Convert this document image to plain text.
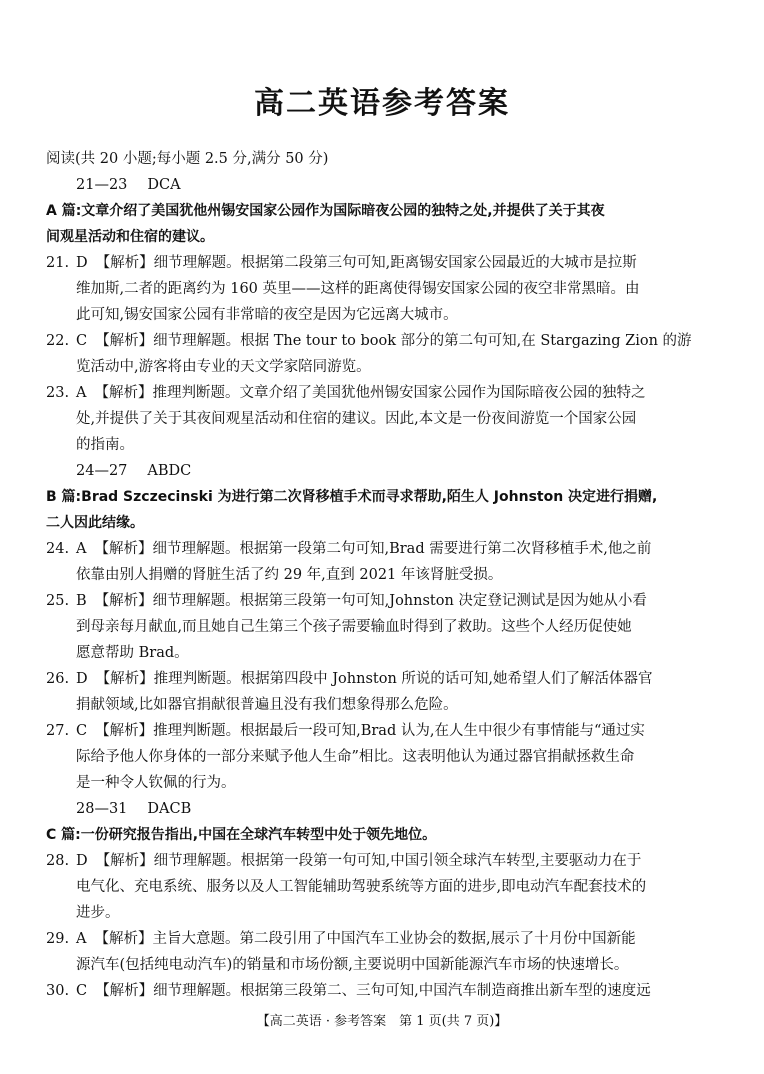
高二英语参考答案
阅读(共 20 小题;每小题 2.5 分,满分 50 分)
21—23 DCA
A 篇:文章介绍了美国犹他州锡安国家公园作为国际暗夜公园的独特之处,并提供了关于其夜
间观星活动和住宿的建议。
21. D 【解析】细节理解题。根据第二段第三句可知,距离锡安国家公园最近的大城市是拉斯
维加斯,二者的距离约为 160 英里——这样的距离使得锡安国家公园的夜空非常黑暗。由
此可知,锡安国家公园有非常暗的夜空是因为它远离大城市。
22. C 【解析】细节理解题。根据 The tour to book 部分的第二句可知,在 Stargazing Zion 的游
览活动中,游客将由专业的天文学家陪同游览。
23. A 【解析】推理判断题。文章介绍了美国犹他州锡安国家公园作为国际暗夜公园的独特之
处,并提供了关于其夜间观星活动和住宿的建议。因此,本文是一份夜间游览一个国家公园
的指南。
24—27 ABDC
B 篇:Brad Szczecinski 为进行第二次肾移植手术而寻求帮助,陌生人 Johnston 决定进行捐赠,
二人因此结缘。
24. A 【解析】细节理解题。根据第一段第二句可知,Brad 需要进行第二次肾移植手术,他之前
依靠由别人捐赠的肾脏生活了约 29 年,直到 2021 年该肾脏受损。
25. B 【解析】细节理解题。根据第三段第一句可知,Johnston 决定登记测试是因为她从小看
到母亲每月献血,而且她自己生第三个孩子需要输血时得到了救助。这些个人经历促使她
愿意帮助 Brad。
26. D 【解析】推理判断题。根据第四段中 Johnston 所说的话可知,她希望人们了解活体器官
捐献领域,比如器官捐献很普遍且没有我们想象得那么危险。
27. C 【解析】推理判断题。根据最后一段可知,Brad 认为,在人生中很少有事情能与“通过实
际给予他人你身体的一部分来赋予他人生命”相比。这表明他认为通过器官捐献拯救生命
是一种令人钦佩的行为。
28—31 DACB
C 篇:一份研究报告指出,中国在全球汽车转型中处于领先地位。
28. D 【解析】细节理解题。根据第一段第一句可知,中国引领全球汽车转型,主要驱动力在于
电气化、充电系统、服务以及人工智能辅助驾驶系统等方面的进步,即电动汽车配套技术的
进步。
29. A 【解析】主旨大意题。第二段引用了中国汽车工业协会的数据,展示了十月份中国新能
源汽车(包括纯电动汽车)的销量和市场份额,主要说明中国新能源汽车市场的快速增长。
30. C 【解析】细节理解题。根据第三段第二、三句可知,中国汽车制造商推出新车型的速度远
【高二英语 · 参考答案　第 1 页(共 7 页)】
